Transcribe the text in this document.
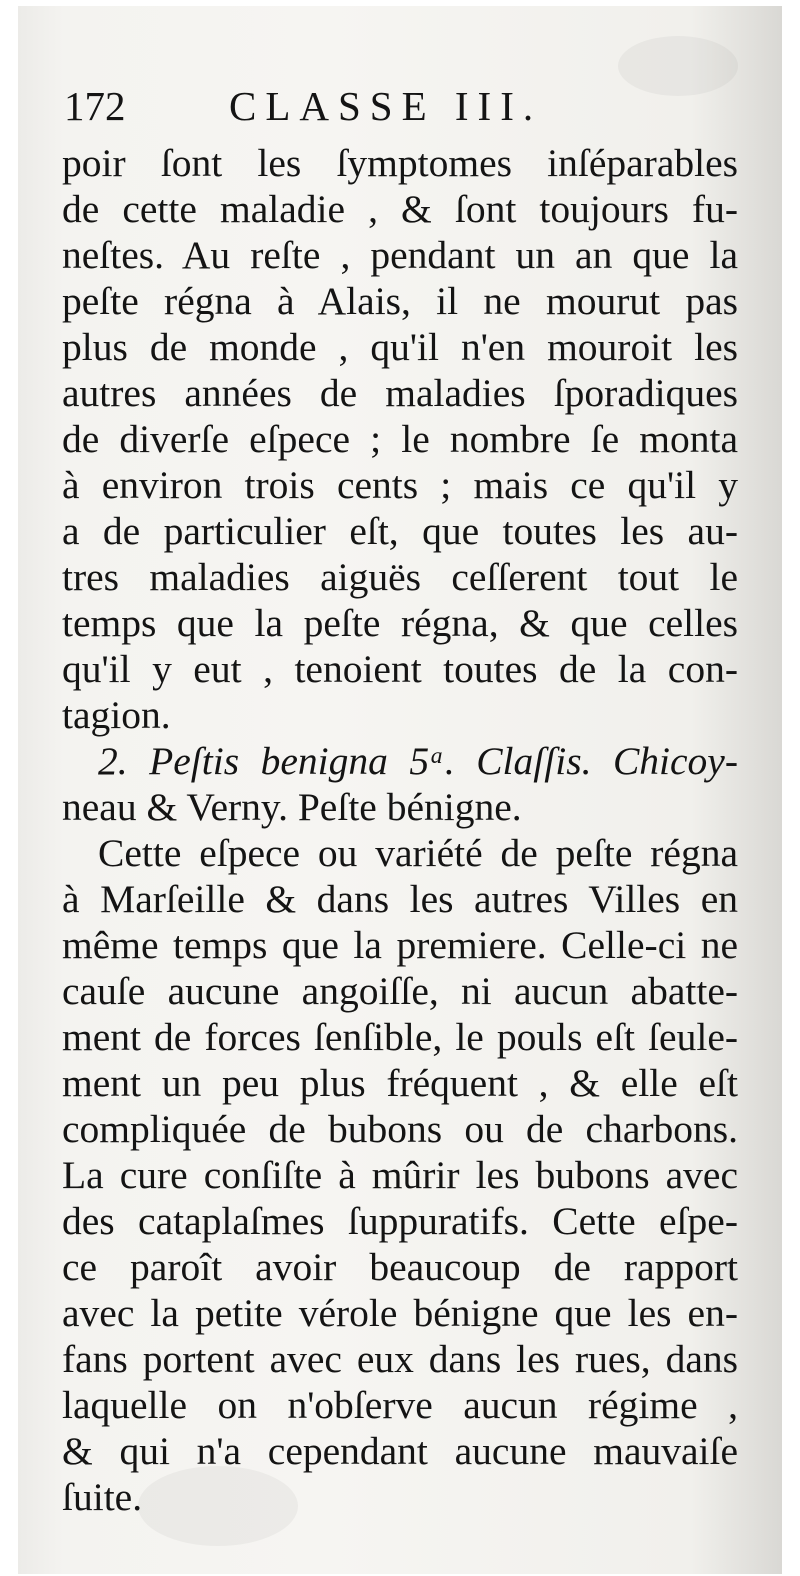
172	CLASSE III.
poir ſont les ſymptomes inſéparables
de cette maladie , & ſont toujours fu-
neſtes. Au reſte , pendant un an que la
peſte régna à Alais, il ne mourut pas
plus de monde , qu'il n'en mouroit les
autres années de maladies ſporadiques
de diverſe eſpece ; le nombre ſe monta
à environ trois cents ; mais ce qu'il y
a de particulier eſt, que toutes les au-
tres maladies aiguës ceſſerent tout le
temps que la peſte régna, & que celles
qu'il y eut , tenoient toutes de la con-
tagion.
2. Peſtis benigna 5ᵃ. Claſſis. Chicoy-
neau & Verny. Peſte bénigne.
Cette eſpece ou variété de peſte régna
à Marſeille & dans les autres Villes en
même temps que la premiere. Celle-ci ne
cauſe aucune angoiſſe, ni aucun abatte-
ment de forces ſenſible, le pouls eſt ſeule-
ment un peu plus fréquent , & elle eſt
compliquée de bubons ou de charbons.
La cure conſiſte à mûrir les bubons avec
des cataplaſmes ſuppuratifs. Cette eſpe-
ce paroît avoir beaucoup de rapport
avec la petite vérole bénigne que les en-
fans portent avec eux dans les rues, dans
laquelle on n'obſerve aucun régime ,
& qui n'a cependant aucune mauvaiſe
ſuite.
